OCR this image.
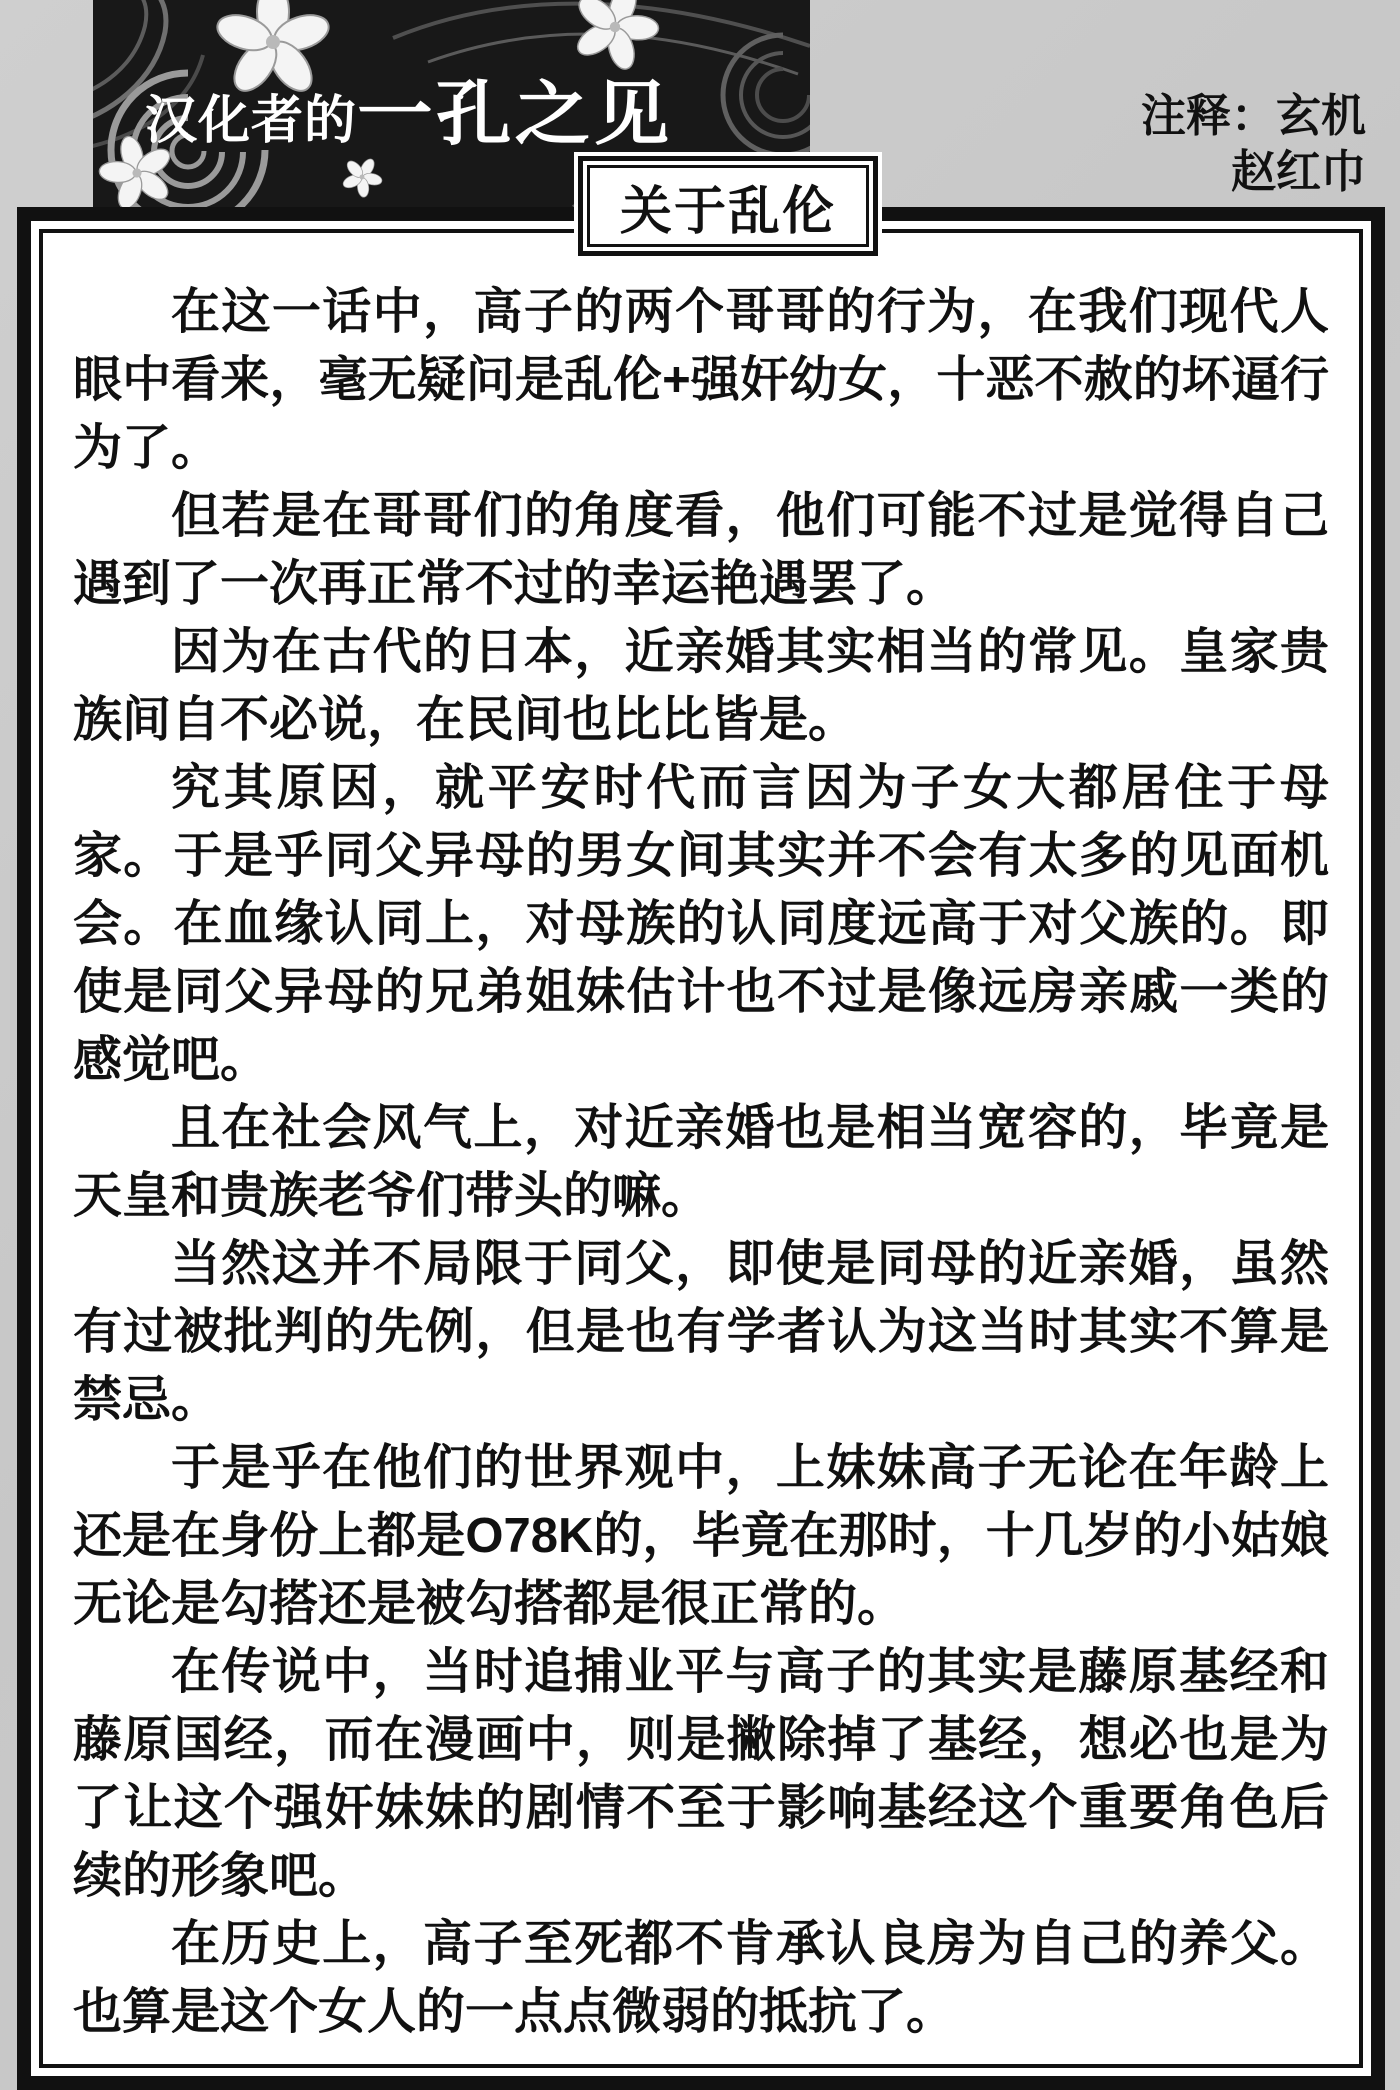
汉化者的 一孔之见	注释：玄机
赵红巾
关于乱伦

在这一话中，高子的两个哥哥的行为，在我们现代人眼中看来，毫无疑问是乱伦+强奸幼女，十恶不赦的坏逼行为了。

但若是在哥哥们的角度看，他们可能不过是觉得自己遇到了一次再正常不过的幸运艳遇罢了。

因为在古代的日本，近亲婚其实相当的常见。皇家贵族间自不必说，在民间也比比皆是。

究其原因，就平安时代而言因为子女大都居住于母家。于是乎同父异母的男女间其实并不会有太多的见面机会。在血缘认同上，对母族的认同度远高于对父族的。即使是同父异母的兄弟姐妹估计也不过是像远房亲戚一类的感觉吧。

且在社会风气上，对近亲婚也是相当宽容的，毕竟是天皇和贵族老爷们带头的嘛。

当然这并不局限于同父，即使是同母的近亲婚，虽然有过被批判的先例，但是也有学者认为这当时其实不算是禁忌。

于是乎在他们的世界观中，上妹妹高子无论在年龄上还是在身份上都是O78K的，毕竟在那时，十几岁的小姑娘无论是勾搭还是被勾搭都是很正常的。

在传说中，当时追捕业平与高子的其实是藤原基经和藤原国经，而在漫画中，则是撇除掉了基经，想必也是为了让这个强奸妹妹的剧情不至于影响基经这个重要角色后续的形象吧。

在历史上，高子至死都不肯承认良房为自己的养父。也算是这个女人的一点点微弱的抵抗了。
